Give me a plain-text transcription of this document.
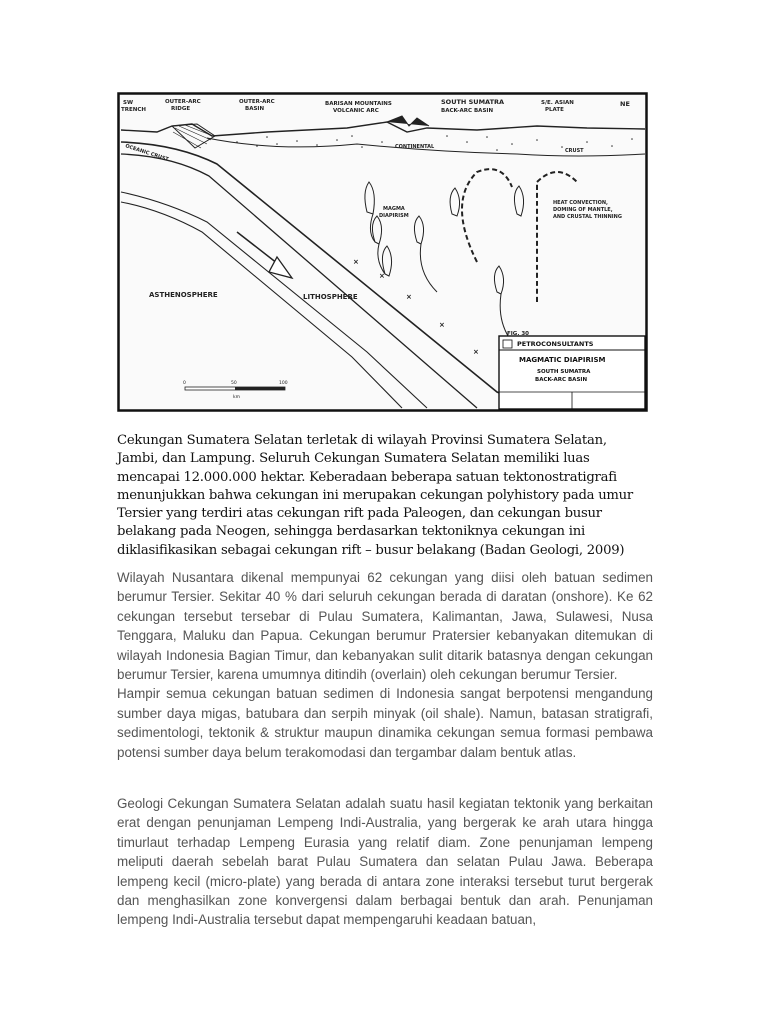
SW
TRENCH
OUTER-ARC
RIDGE
OUTER-ARC
BASIN
BARISAN MOUNTAINS
VOLCANIC ARC
SOUTH SUMATRA
BACK-ARC BASIN
S/E. ASIAN
PLATE
NE
OCEANIC CRUST	CONTINENTAL
CRUST
×
×
×
×
×
HEAT CONVECTION,
DOMING OF MANTLE,
AND CRUSTAL THINNING
MAGMA
DIAPIRISM
ASTHENOSPHERE	LITHOSPHERE
0	50	100
km
FIG. 30
PETROCONSULTANTS
MAGMATIC DIAPIRISM
SOUTH SUMATRA
BACK-ARC BASIN
Cekungan Sumatera Selatan terletak di wilayah Provinsi Sumatera Selatan, Jambi, dan Lampung. Seluruh Cekungan Sumatera Selatan memiliki luas mencapai 12.000.000 hektar. Keberadaan beberapa satuan tektonostratigrafi menunjukkan bahwa cekungan ini merupakan cekungan polyhistory pada umur Tersier yang terdiri atas cekungan rift pada Paleogen, dan cekungan busur belakang pada Neogen, sehingga berdasarkan tektoniknya cekungan ini diklasifikasikan sebagai cekungan rift – busur belakang (Badan Geologi, 2009)

Wilayah Nusantara dikenal mempunyai 62 cekungan yang diisi oleh batuan sedimen berumur Tersier. Sekitar 40 % dari seluruh cekungan berada di daratan (onshore). Ke 62 cekungan tersebut tersebar di Pulau Sumatera, Kalimantan, Jawa, Sulawesi, Nusa Tenggara, Maluku dan Papua. Cekungan berumur Pratersier kebanyakan ditemukan di wilayah Indonesia Bagian Timur, dan kebanyakan sulit ditarik batasnya dengan cekungan berumur Tersier, karena umumnya ditindih (overlain) oleh cekungan berumur Tersier.

Hampir semua cekungan batuan sedimen di Indonesia sangat berpotensi mengandung sumber daya migas, batubara dan serpih minyak (oil shale). Namun, batasan stratigrafi, sedimentologi, tektonik & struktur maupun dinamika cekungan semua formasi pembawa potensi sumber daya belum terakomodasi dan tergambar dalam bentuk atlas.

Geologi Cekungan Sumatera Selatan adalah suatu hasil kegiatan tektonik yang berkaitan erat dengan penunjaman Lempeng Indi-Australia, yang bergerak ke arah utara hingga timurlaut terhadap Lempeng Eurasia yang relatif diam. Zone penunjaman lempeng meliputi daerah sebelah barat Pulau Sumatera dan selatan Pulau Jawa. Beberapa lempeng kecil (micro-plate) yang berada di antara zone interaksi tersebut turut bergerak dan menghasilkan zone konvergensi dalam berbagai bentuk dan arah. Penunjaman lempeng Indi-Australia tersebut dapat mempengaruhi keadaan batuan,
